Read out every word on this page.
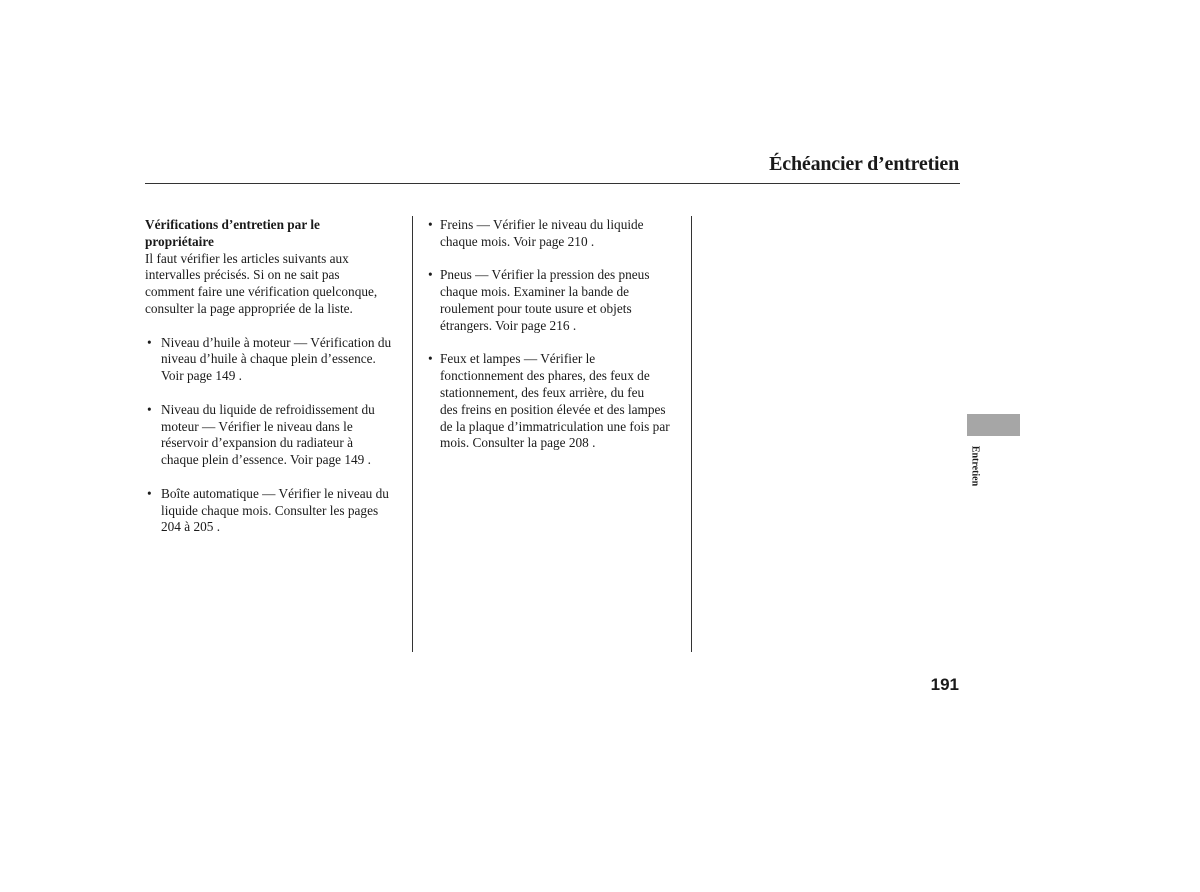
Échéancier d’entretien

Vérifications d’entretien par le
propriétaire

Il faut vérifier les articles suivants aux
intervalles précisés. Si on ne sait pas
comment faire une vérification quelconque,
consulter la page appropriée de la liste.

• Niveau d’huile à moteur — Vérification du
niveau d’huile à chaque plein d’essence.
Voir page 149 .
• Niveau du liquide de refroidissement du
moteur — Vérifier le niveau dans le
réservoir d’expansion du radiateur à
chaque plein d’essence. Voir page 149 .
• Boîte automatique — Vérifier le niveau du
liquide chaque mois. Consulter les pages
204 à 205 .
• Freins — Vérifier le niveau du liquide
chaque mois. Voir page 210 .
• Pneus — Vérifier la pression des pneus
chaque mois. Examiner la bande de
roulement pour toute usure et objets
étrangers. Voir page 216 .
• Feux et lampes — Vérifier le
fonctionnement des phares, des feux de
stationnement, des feux arrière, du feu
des freins en position élevée et des lampes
de la plaque d’immatriculation une fois par
mois. Consulter la page 208 .
Entretien
191
